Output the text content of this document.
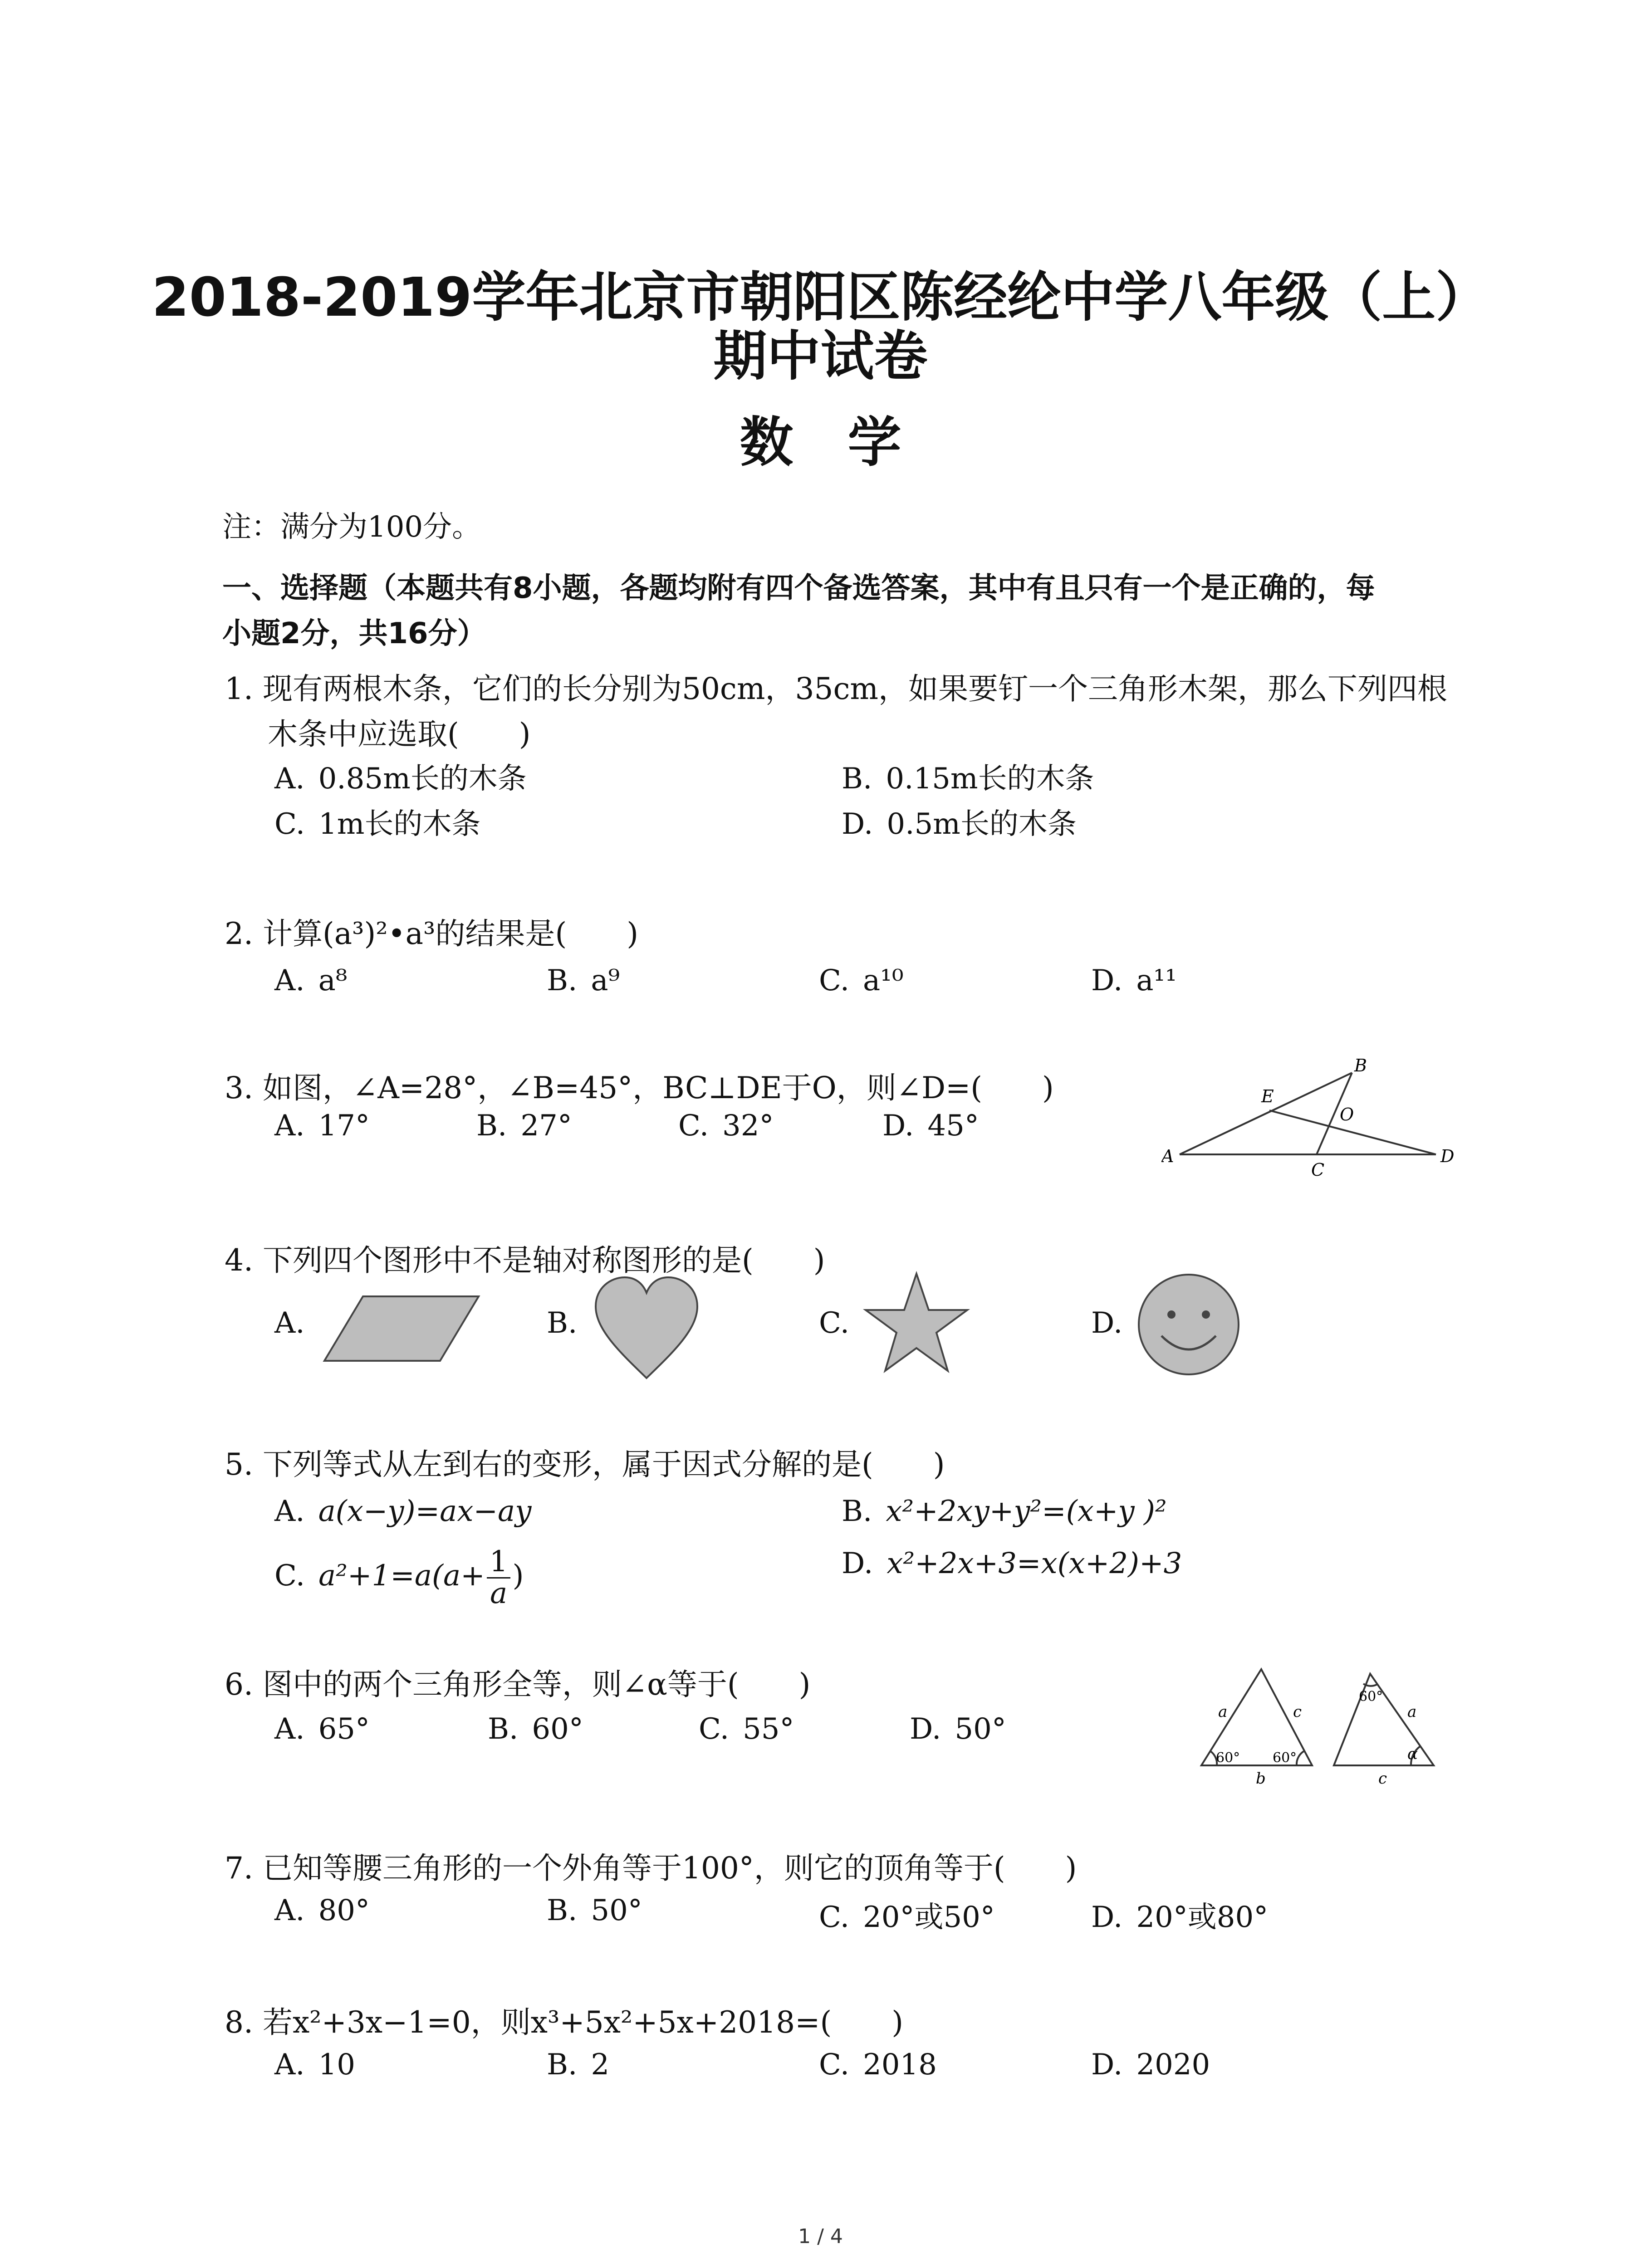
2018-2019学年北京市朝阳区陈经纶中学八年级（上）
期中试卷
数学
注：满分为100分。
一、选择题（本题共有8小题，各题均附有四个备选答案，其中有且只有一个是正确的，每
小题2分，共16分）
1. 现有两根木条，它们的长分别为50cm，35cm，如果要钉一个三角形木架，那么下列四根
木条中应选取(　　)
A. 0.85m长的木条	B. 0.15m长的木条
C. 1m长的木条	D. 0.5m长的木条
2. 计算(a³)²•a³的结果是(　　)
A. a⁸	B. a⁹	C. a¹⁰	D. a¹¹
3. 如图，∠A=28°，∠B=45°，BC⊥DE于O，则∠D=(　　)
A. 17°	B. 27°	C. 32°	D. 45°
A
B
C
D
E
O
4. 下列四个图形中不是轴对称图形的是(　　)
A.	B.	C.	D.
5. 下列等式从左到右的变形，属于因式分解的是(　　)
A. a(x−y)=ax−ay	B. x²+2xy+y²=(x+y )²
C. $a^2+1=a(a+ \frac{1}{a}$ )	D. x²+2x+3=x(x+2)+3
6. 图中的两个三角形全等，则∠α等于(　　)
A. 65°	B. 60°	C. 55°	D. 50°
a	c
60° 60°
b
60°
a
α
c
7. 已知等腰三角形的一个外角等于100°，则它的顶角等于(　　)
A. 80°	B. 50°	C. 20°或50°	D. 20°或80°
8. 若x²+3x−1=0，则x³+5x²+5x+2018=(　　)
A. 10	B. 2	C. 2018	D. 2020
1 / 4
